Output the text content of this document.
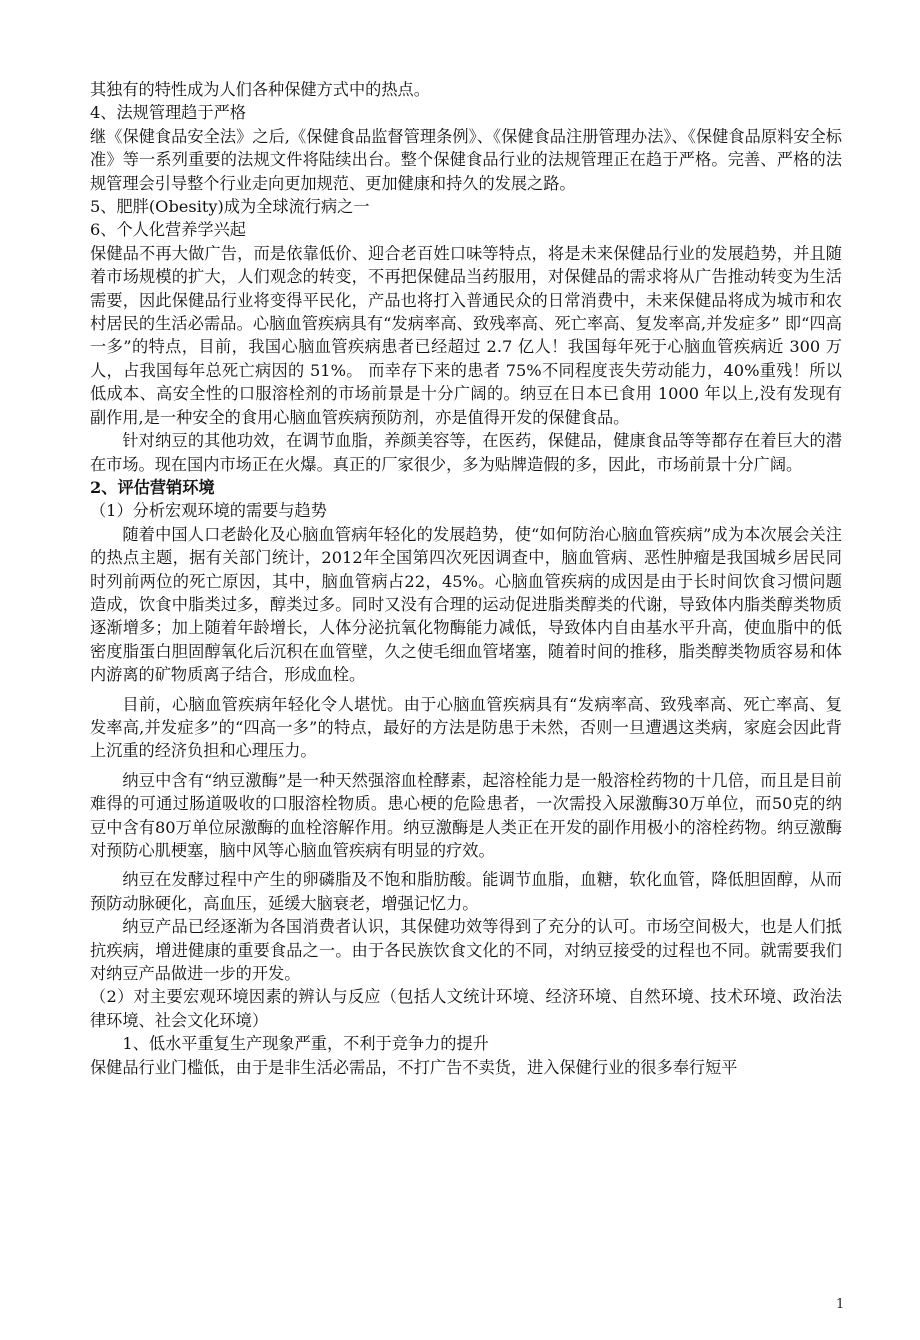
其独有的特性成为人们各种保健方式中的热点。

4、法规管理趋于严格

继《保健食品安全法》之后,《保健食品监督管理条例》、《保健食品注册管理办法》、《保健食品原料安全标准》等一系列重要的法规文件将陆续出台。整个保健食品行业的法规管理正在趋于严格。完善、严格的法规管理会引导整个行业走向更加规范、更加健康和持久的发展之路。

5、肥胖(Obesity)成为全球流行病之一

6、个人化营养学兴起

保健品不再大做广告，而是依靠低价、迎合老百姓口味等特点，将是未来保健品行业的发展趋势，并且随着市场规模的扩大，人们观念的转变，不再把保健品当药服用，对保健品的需求将从广告推动转变为生活需要，因此保健品行业将变得平民化，产品也将打入普通民众的日常消费中，未来保健品将成为城市和农村居民的生活必需品。心脑血管疾病具有“发病率高、致残率高、死亡率高、复发率高,并发症多” 即“四高一多”的特点，目前，我国心脑血管疾病患者已经超过 2.7 亿人！我国每年死于心脑血管疾病近 300 万人，占我国每年总死亡病因的 51%。 而幸存下来的患者 75%不同程度丧失劳动能力，40%重残！所以低成本、高安全性的口服溶栓剂的市场前景是十分广阔的。纳豆在日本已食用 1000 年以上,没有发现有副作用,是一种安全的食用心脑血管疾病预防剂，亦是值得开发的保健食品。

针对纳豆的其他功效，在调节血脂，养颜美容等，在医药，保健品，健康食品等等都存在着巨大的潜在市场。现在国内市场正在火爆。真正的厂家很少，多为贴牌造假的多，因此，市场前景十分广阔。

2、评估营销环境

（1）分析宏观环境的需要与趋势

随着中国人口老龄化及心脑血管病年轻化的发展趋势，使“如何防治心脑血管疾病”成为本次展会关注的热点主题，据有关部门统计，2012年全国第四次死因调查中，脑血管病、恶性肿瘤是我国城乡居民同时列前两位的死亡原因，其中，脑血管病占22，45%。心脑血管疾病的成因是由于长时间饮食习惯问题造成，饮食中脂类过多，醇类过多。同时又没有合理的运动促进脂类醇类的代谢，导致体内脂类醇类物质逐渐增多；加上随着年龄增长，人体分泌抗氧化物酶能力减低，导致体内自由基水平升高，使血脂中的低密度脂蛋白胆固醇氧化后沉积在血管壁，久之使毛细血管堵塞，随着时间的推移，脂类醇类物质容易和体内游离的矿物质离子结合，形成血栓。

目前，心脑血管疾病年轻化令人堪忧。由于心脑血管疾病具有“发病率高、致残率高、死亡率高、复发率高,并发症多”的“四高一多”的特点，最好的方法是防患于未然，否则一旦遭遇这类病，家庭会因此背上沉重的经济负担和心理压力。

纳豆中含有“纳豆激酶”是一种天然强溶血栓酵素，起溶栓能力是一般溶栓药物的十几倍，而且是目前难得的可通过肠道吸收的口服溶栓物质。患心梗的危险患者，一次需投入尿激酶30万单位，而50克的纳豆中含有80万单位尿激酶的血栓溶解作用。纳豆激酶是人类正在开发的副作用极小的溶栓药物。纳豆激酶对预防心肌梗塞，脑中风等心脑血管疾病有明显的疗效。

纳豆在发酵过程中产生的卵磷脂及不饱和脂肪酸。能调节血脂，血糖，软化血管，降低胆固醇，从而预防动脉硬化，高血压，延缓大脑衰老，增强记忆力。

纳豆产品已经逐渐为各国消费者认识，其保健功效等得到了充分的认可。市场空间极大，也是人们抵抗疾病，增进健康的重要食品之一。由于各民族饮食文化的不同，对纳豆接受的过程也不同。就需要我们对纳豆产品做进一步的开发。

（2）对主要宏观环境因素的辨认与反应（包括人文统计环境、经济环境、自然环境、技术环境、政治法律环境、社会文化环境）

1、低水平重复生产现象严重，不利于竞争力的提升

保健品行业门槛低，由于是非生活必需品，不打广告不卖货，进入保健行业的很多奉行短平

1
